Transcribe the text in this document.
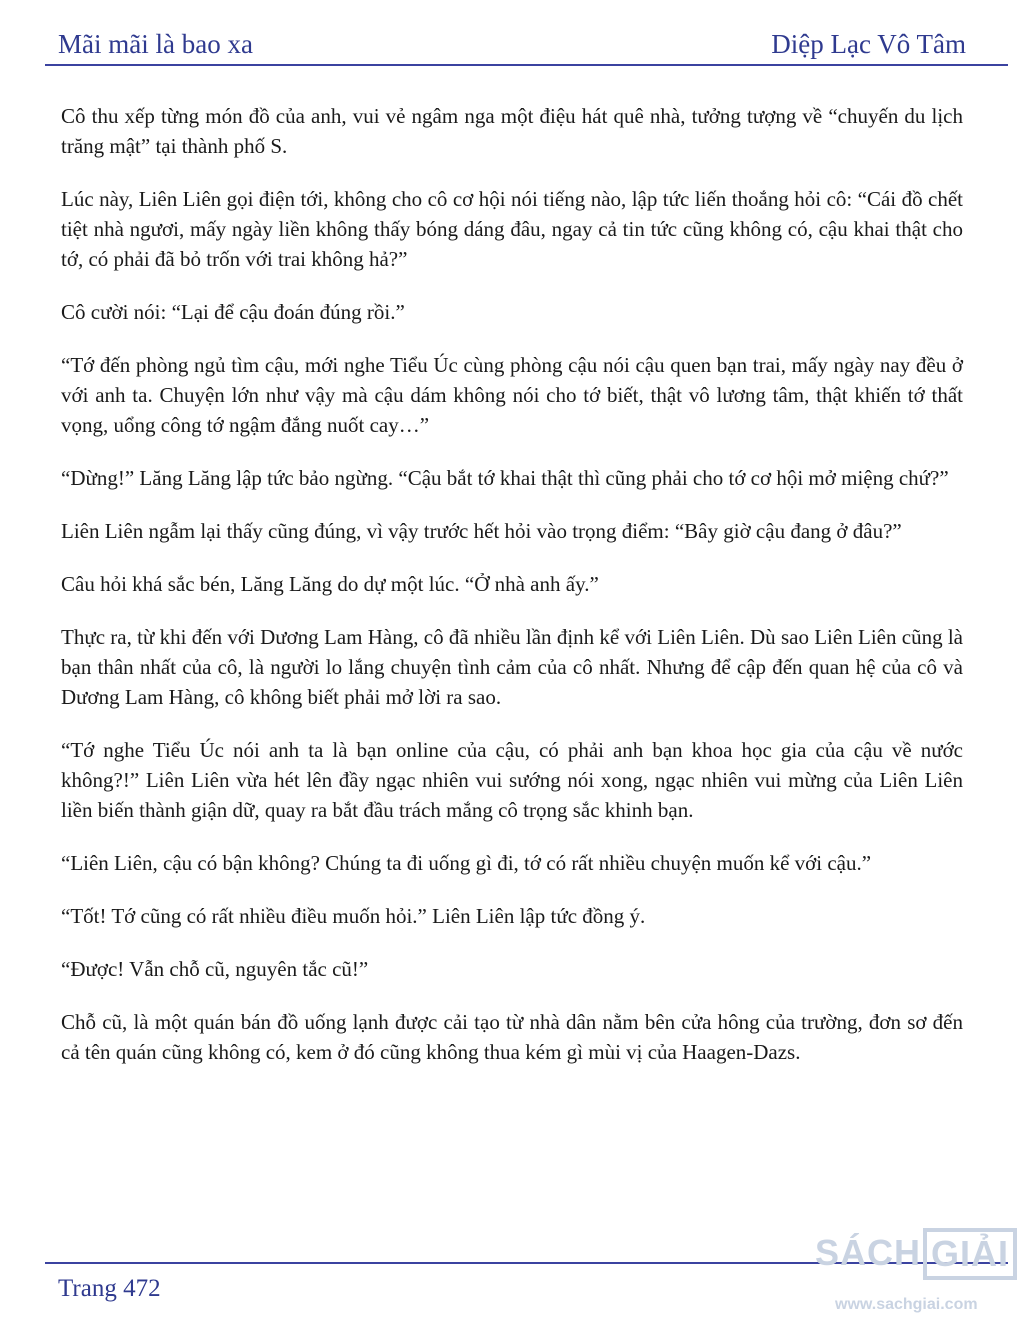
Mãi mãi là bao xa	Diệp Lạc Vô Tâm

Cô thu xếp từng món đồ của anh, vui vẻ ngâm nga một điệu hát quê nhà, tưởng tượng về “chuyến du lịch trăng mật” tại thành phố S.

Lúc này, Liên Liên gọi điện tới, không cho cô cơ hội nói tiếng nào, lập tức liến thoắng hỏi cô: “Cái đồ chết tiệt nhà ngươi, mấy ngày liền không thấy bóng dáng đâu, ngay cả tin tức cũng không có, cậu khai thật cho tớ, có phải đã bỏ trốn với trai không hả?”

Cô cười nói: “Lại để cậu đoán đúng rồi.”

“Tớ đến phòng ngủ tìm cậu, mới nghe Tiểu Úc cùng phòng cậu nói cậu quen bạn trai, mấy ngày nay đều ở với anh ta. Chuyện lớn như vậy mà cậu dám không nói cho tớ biết, thật vô lương tâm, thật khiến tớ thất vọng, uổng công tớ ngậm đắng nuốt cay…”

“Dừng!” Lăng Lăng lập tức bảo ngừng. “Cậu bắt tớ khai thật thì cũng phải cho tớ cơ hội mở miệng chứ?”

Liên Liên ngẫm lại thấy cũng đúng, vì vậy trước hết hỏi vào trọng điểm: “Bây giờ cậu đang ở đâu?”

Câu hỏi khá sắc bén, Lăng Lăng do dự một lúc. “Ở nhà anh ấy.”

Thực ra, từ khi đến với Dương Lam Hàng, cô đã nhiều lần định kể với Liên Liên. Dù sao Liên Liên cũng là bạn thân nhất của cô, là người lo lắng chuyện tình cảm của cô nhất. Nhưng để cập đến quan hệ của cô và Dương Lam Hàng, cô không biết phải mở lời ra sao.

“Tớ nghe Tiểu Úc nói anh ta là bạn online của cậu, có phải anh bạn khoa học gia của cậu về nước không?!” Liên Liên vừa hét lên đầy ngạc nhiên vui sướng nói xong, ngạc nhiên vui mừng của Liên Liên liền biến thành giận dữ, quay ra bắt đầu trách mắng cô trọng sắc khinh bạn.

“Liên Liên, cậu có bận không? Chúng ta đi uống gì đi, tớ có rất nhiều chuyện muốn kể với cậu.”

“Tốt! Tớ cũng có rất nhiều điều muốn hỏi.” Liên Liên lập tức đồng ý.

“Được! Vẫn chỗ cũ, nguyên tắc cũ!”

Chỗ cũ, là một quán bán đồ uống lạnh được cải tạo từ nhà dân nằm bên cửa hông của trường, đơn sơ đến cả tên quán cũng không có, kem ở đó cũng không thua kém gì mùi vị của Haagen-Dazs.

Trang 472
SÁCH GIẢI
www.sachgiai.com
